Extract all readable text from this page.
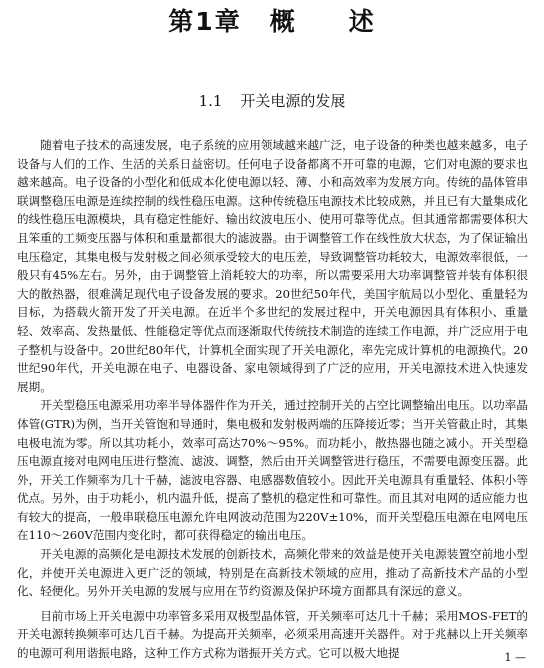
第1章 概 述
1.1 开关电源的发展

随着电子技术的高速发展，电子系统的应用领域越来越广泛，电子设备的种类也越来越多，电子设备与人们的工作、生活的关系日益密切。任何电子设备都离不开可靠的电源，它们对电源的要求也越来越高。电子设备的小型化和低成本化使电源以轻、薄、小和高效率为发展方向。传统的晶体管串联调整稳压电源是连续控制的线性稳压电源。这种传统稳压电源技术比较成熟，并且已有大量集成化的线性稳压电源模块，具有稳定性能好、输出纹波电压小、使用可靠等优点。但其通常都需要体积大且笨重的工频变压器与体积和重量都很大的滤波器。由于调整管工作在线性放大状态，为了保证输出电压稳定，其集电极与发射极之间必须承受较大的电压差，导致调整管功耗较大，电源效率很低，一般只有45%左右。另外，由于调整管上消耗较大的功率，所以需要采用大功率调整管并装有体积很大的散热器，很难满足现代电子设备发展的要求。20世纪50年代，美国宇航局以小型化、重量轻为目标，为搭载火箭开发了开关电源。在近半个多世纪的发展过程中，开关电源因具有体积小、重量轻、效率高、发热量低、性能稳定等优点而逐渐取代传统技术制造的连续工作电源，并广泛应用于电子整机与设备中。20世纪80年代，计算机全面实现了开关电源化，率先完成计算机的电源换代。20世纪90年代，开关电源在电子、电器设备、家电领域得到了广泛的应用，开关电源技术进入快速发展期。

开关型稳压电源采用功率半导体器件作为开关，通过控制开关的占空比调整输出电压。以功率晶体管(GTR)为例，当开关管饱和导通时，集电极和发射极两端的压降接近零；当开关管截止时，其集电极电流为零。所以其功耗小，效率可高达70%～95%。而功耗小，散热器也随之减小。开关型稳压电源直接对电网电压进行整流、滤波、调整，然后由开关调整管进行稳压，不需要电源变压器。此外，开关工作频率为几十千赫，滤波电容器、电感器数值较小。因此开关电源具有重量轻、体积小等优点。另外，由于功耗小，机内温升低，提高了整机的稳定性和可靠性。而且其对电网的适应能力也有较大的提高，一般串联稳压电源允许电网波动范围为220V±10%，而开关型稳压电源在电网电压在110～260V范围内变化时，都可获得稳定的输出电压。

开关电源的高频化是电源技术发展的创新技术，高频化带来的效益是使开关电源装置空前地小型化，并使开关电源进入更广泛的领域，特别是在高新技术领域的应用，推动了高新技术产品的小型化、轻便化。另外开关电源的发展与应用在节约资源及保护环境方面都具有深远的意义。

目前市场上开关电源中功率管多采用双极型晶体管，开关频率可达几十千赫；采用MOS-FET的开关电源转换频率可达几百千赫。为提高开关频率，必须采用高速开关器件。对于兆赫以上开关频率的电源可利用谐振电路，这种工作方式称为谐振开关方式。它可以极大地提	1 —
